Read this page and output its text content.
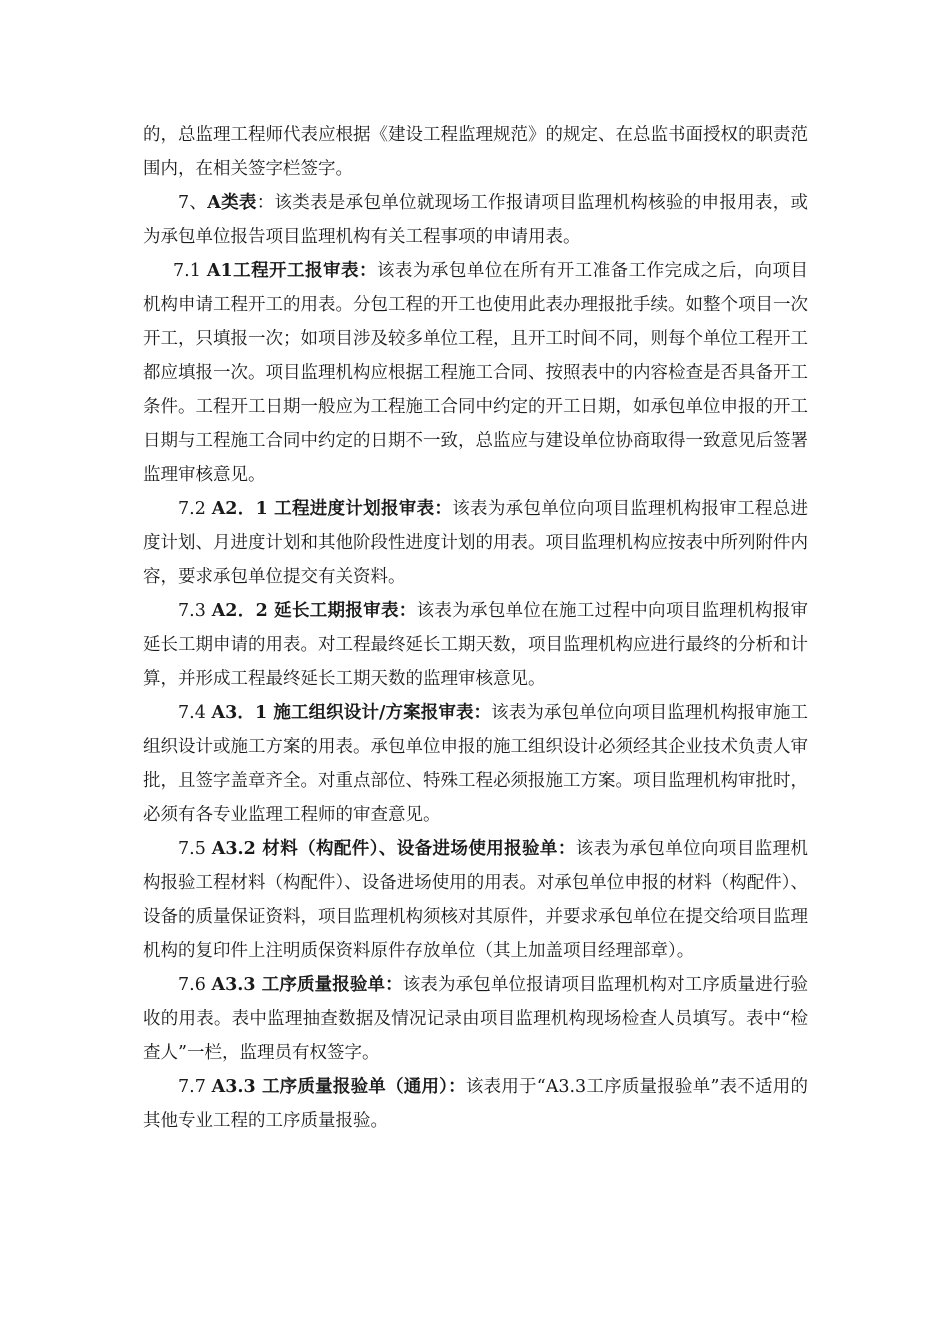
的，总监理工程师代表应根据《建设工程监理规范》的规定、在总监书面授权的职责范围内，在相关签字栏签字。

7、A类表：该类表是承包单位就现场工作报请项目监理机构核验的申报用表，或为承包单位报告项目监理机构有关工程事项的申请用表。

7.1 A1工程开工报审表：该表为承包单位在所有开工准备工作完成之后，向项目机构申请工程开工的用表。分包工程的开工也使用此表办理报批手续。如整个项目一次开工，只填报一次；如项目涉及较多单位工程，且开工时间不同，则每个单位工程开工都应填报一次。项目监理机构应根据工程施工合同、按照表中的内容检查是否具备开工条件。工程开工日期一般应为工程施工合同中约定的开工日期，如承包单位申报的开工日期与工程施工合同中约定的日期不一致，总监应与建设单位协商取得一致意见后签署监理审核意见。

7.2 A2．1 工程进度计划报审表：该表为承包单位向项目监理机构报审工程总进度计划、月进度计划和其他阶段性进度计划的用表。项目监理机构应按表中所列附件内容，要求承包单位提交有关资料。

7.3 A2．2 延长工期报审表：该表为承包单位在施工过程中向项目监理机构报审延长工期申请的用表。对工程最终延长工期天数，项目监理机构应进行最终的分析和计算，并形成工程最终延长工期天数的监理审核意见。

7.4 A3．1 施工组织设计/方案报审表：该表为承包单位向项目监理机构报审施工组织设计或施工方案的用表。承包单位申报的施工组织设计必须经其企业技术负责人审批，且签字盖章齐全。对重点部位、特殊工程必须报施工方案。项目监理机构审批时，必须有各专业监理工程师的审查意见。

7.5 A3.2 材料（构配件）、设备进场使用报验单：该表为承包单位向项目监理机构报验工程材料（构配件）、设备进场使用的用表。对承包单位申报的材料（构配件）、设备的质量保证资料，项目监理机构须核对其原件，并要求承包单位在提交给项目监理机构的复印件上注明质保资料原件存放单位（其上加盖项目经理部章）。

7.6 A3.3 工序质量报验单：该表为承包单位报请项目监理机构对工序质量进行验收的用表。表中监理抽查数据及情况记录由项目监理机构现场检查人员填写。表中“检查人”一栏，监理员有权签字。

7.7 A3.3 工序质量报验单（通用）：该表用于“A3.3工序质量报验单”表不适用的其他专业工程的工序质量报验。
